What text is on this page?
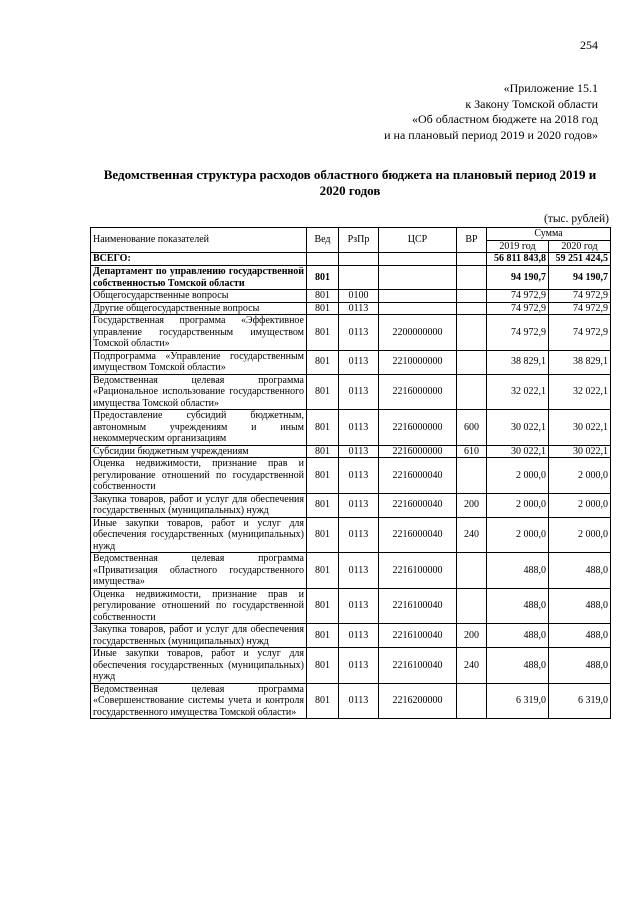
254
«Приложение 15.1
к Закону Томской области
«Об областном бюджете на 2018 год
и на плановый период 2019 и 2020 годов»
Ведомственная структура расходов областного бюджета на плановый период 2019 и 2020 годов
(тыс. рублей)
Наименование показателей	Вед	РзПр	ЦСР	ВР	Сумма	
					2019 год	2020 год
ВСЕГО:					56 811 843,8	59 251 424,5
Департамент по управлению государственной собственностью Томской области	801				94 190,7	94 190,7
Общегосударственные вопросы	801	0100			74 972,9	74 972,9
Другие общегосударственные вопросы	801	0113			74 972,9	74 972,9
Государственная программа «Эффективное управление государственным имуществом Томской области»	801	0113	2200000000		74 972,9	74 972,9
Подпрограмма «Управление государственным имуществом Томской области»	801	0113	2210000000		38 829,1	38 829,1
Ведомственная целевая программа «Рациональное использование государственного имущества Томской области»	801	0113	2216000000		32 022,1	32 022,1
Предоставление субсидий бюджетным, автономным учреждениям и иным некоммерческим организациям	801	0113	2216000000	600	30 022,1	30 022,1
Субсидии бюджетным учреждениям	801	0113	2216000000	610	30 022,1	30 022,1
Оценка недвижимости, признание прав и регулирование отношений по государственной собственности	801	0113	2216000040		2 000,0	2 000,0
Закупка товаров, работ и услуг для обеспечения государственных (муниципальных) нужд	801	0113	2216000040	200	2 000,0	2 000,0
Иные закупки товаров, работ и услуг для обеспечения государственных (муниципальных) нужд	801	0113	2216000040	240	2 000,0	2 000,0
Ведомственная целевая программа «Приватизация областного государственного имущества»	801	0113	2216100000		488,0	488,0
Оценка недвижимости, признание прав и регулирование отношений по государственной собственности	801	0113	2216100040		488,0	488,0
Закупка товаров, работ и услуг для обеспечения государственных (муниципальных) нужд	801	0113	2216100040	200	488,0	488,0
Иные закупки товаров, работ и услуг для обеспечения государственных (муниципальных) нужд	801	0113	2216100040	240	488,0	488,0
Ведомственная целевая программа «Совершенствование системы учета и контроля государственного имущества Томской области»	801	0113	2216200000		6 319,0	6 319,0
